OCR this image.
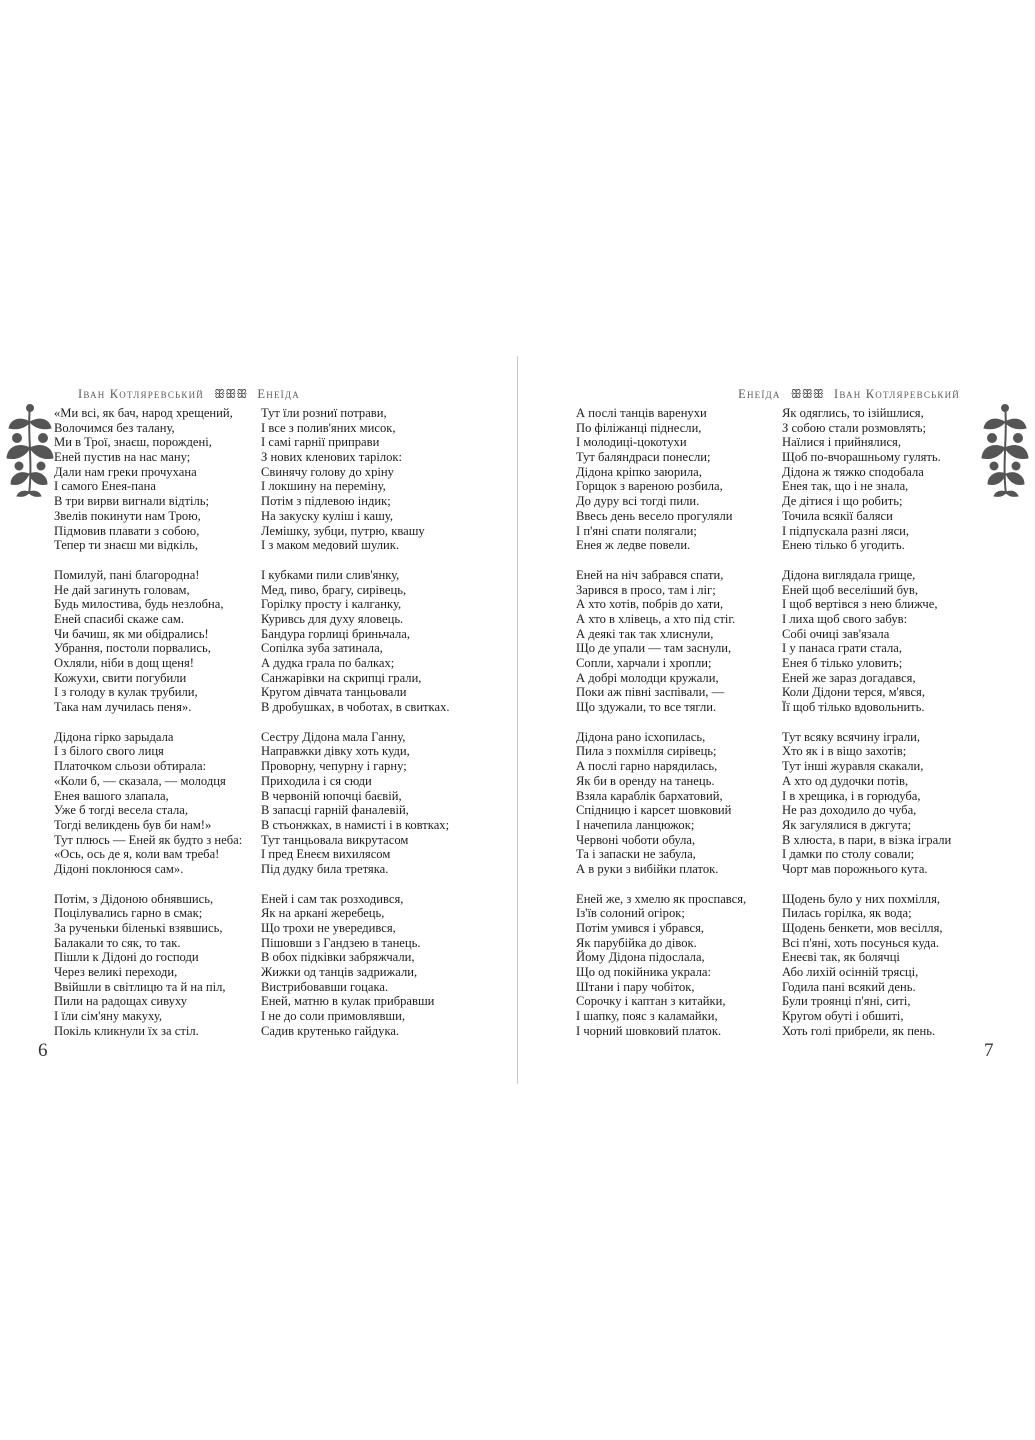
Іван Котляревський ꕥꕥꕥ Енеїда	Енеїда ꕥꕥꕥ Іван Котляревський
«Ми всі, як бач, народ хрещений,
Волочимся без талану,
Ми в Трої, знаєш, порождені,
Еней пустив на нас ману;
Дали нам греки прочухана
І самого Енея-пана
В три вирви вигнали відтіль;
Звелів покинути нам Трою,
Підмовив плавати з собою,
Тепер ти знаєш ми відкіль,
Помилуй, пані благородна!
Не дай загинуть головам,
Будь милостива, будь незлобна,
Еней спасибі скаже сам.
Чи бачиш, як ми обідрались!
Убрання, постоли порвались,
Охляли, ніби в дощ щеня!
Кожухи, свити погубили
І з голоду в кулак трубили,
Така нам лучилась пеня».
Дідона гірко зарыдала
І з білого свого лиця
Платочком сльози обтирала:
«Коли б, — сказала, — молодця
Енея вашого злапала,
Уже б тогді весела стала,
Тогді великдень був би нам!»
Тут плюсь — Еней як будто з неба:
«Ось, ось де я, коли вам треба!
Дідоні поклонюся сам».
Потім, з Дідоною обнявшись,
Поцілувались гарно в смак;
За рученьки біленькі взявшись,
Балакали то сяк, то так.
Пішли к Дідоні до господи
Через великі переходи,
Ввійшли в світлицю та й на піл,
Пили на радощах сивуху
І їли сім'яну макуху,
Покіль кликнули їх за стіл.
Тут їли розниї потрави,
І все з полив'яних мисок,
І самі гарнії приправи
З нових кленових тарілок:
Свинячу голову до хріну
І локшину на переміну,
Потім з підлевою індик;
На закуску куліш і кашу,
Лемішку, зубци, путрю, квашу
І з маком медовий шулик.
І кубками пили слив'янку,
Мед, пиво, брагу, сирівець,
Горілку просту і калганку,
Куривсь для духу яловець.
Бандура горлиці бриньчала,
Сопілка зуба затинала,
А дудка грала по балках;
Санжарівки на скрипці грали,
Кругом дівчата танцьовали
В дробушках, в чоботах, в свитках.
Сестру Дідона мала Ганну,
Направжки дівку хоть куди,
Проворну, чепурну і гарну;
Приходила і ся сюди
В червоній юпочці баєвій,
В запасці гарній фаналевій,
В стьонжках, в намисті і в ковтках;
Тут танцьовала викрутасом
І пред Енеєм вихилясом
Під дудку била третяка.
Еней і сам так розходився,
Як на аркані жеребець,
Що трохи не увередився,
Пішовши з Гандзею в танець.
В обох підківки забряжчали,
Жижки од танців задрижали,
Вистрибовавши гоцака.
Еней, матню в кулак прибравши
І не до соли примовлявши,
Садив крутенько гайдука.
А послі танців варенухи
По філіжанці піднесли,
І молодиці-цокотухи
Тут баляндраси понесли;
Дідона кріпко заюрила,
Горщок з вареною розбила,
До дуру всі тогді пили.
Ввесь день весело прогуляли
І п'яні спати полягали;
Енея ж ледве повели.
Еней на ніч забрався спати,
Зарився в просо, там і ліг;
А хто хотів, побрів до хати,
А хто в хлівець, а хто під стіг.
А деякі так так хлиснули,
Що де упали — там заснули,
Сопли, харчали і хропли;
А добрі молодци кружали,
Поки аж півні заспівали, —
Що здужали, то все тягли.
Дідона рано ісхопилась,
Пила з похмілля сирівець;
А послі гарно нарядилась,
Як би в оренду на танець.
Взяла караблік бархатовий,
Спідницю і карсет шовковий
І начепила ланцюжок;
Червоні чоботи обула,
Та і запаски не забула,
А в руки з вибійки платок.
Еней же, з хмелю як проспався,
Із'їв солоний огірок;
Потім умився і убрався,
Як парубійка до дівок.
Йому Дідона підослала,
Що од покійника украла:
Штани і пару чобіток,
Сорочку і каптан з китайки,
І шапку, пояс з каламайки,
І чорний шовковий платок.
Як одяглись, то ізійшлися,
З собою стали розмовлять;
Наїлися і прийнялися,
Щоб по-вчорашньому гулять.
Дідона ж тяжко сподобала
Енея так, що і не знала,
Де дітися і що робить;
Точила всякії баляси
І підпускала разні ляси,
Енею тілько б угодить.
Дідона виглядала грище,
Еней щоб веселіший був,
І щоб вертівся з нею ближче,
І лиха щоб свого забув:
Собі очиці зав'язала
І у панаса грати стала,
Енея б тілько уловить;
Еней же зараз догадався,
Коли Дідони терся, м'явся,
Її щоб тілько вдовольнить.
Тут всяку всячину іграли,
Хто як і в віщо захотів;
Тут інші журавля скакали,
А хто од дудочки потів,
І в хрещика, і в горюдуба,
Не раз доходило до чуба,
Як загулялися в джгута;
В хлюста, в пари, в візка іграли
І дамки по столу совали;
Чорт мав порожнього кута.
Щодень було у них похмілля,
Пилась горілка, як вода;
Щодень бенкети, мов весілля,
Всі п'яні, хоть посунься куда.
Енеєві так, як болячці
Або лихій осінній трясці,
Годила пані всякий день.
Були троянці п'яні, ситі,
Кругом обуті і обшиті,
Хоть голі прибрели, як пень.
6	7
